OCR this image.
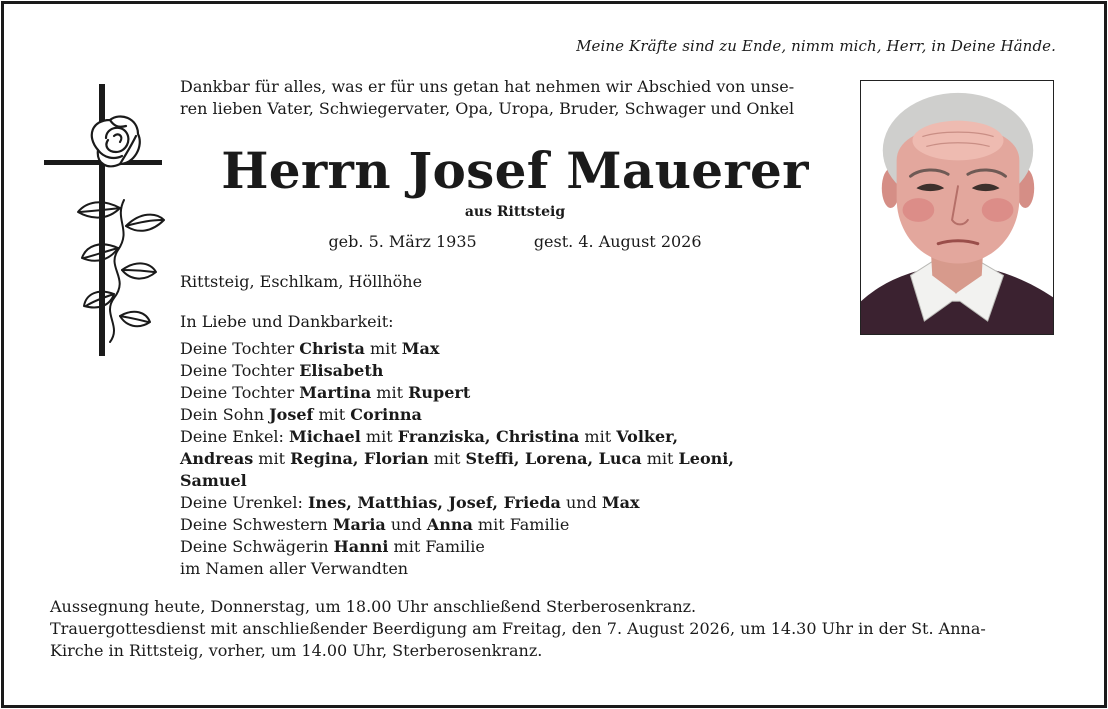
Meine Kräfte sind zu Ende, nimm mich, Herr, in Deine Hände.
Dankbar für alles, was er für uns getan hat nehmen wir Abschied von unse-
ren lieben Vater, Schwiegervater, Opa, Uropa, Bruder, Schwager und Onkel
Herrn Josef Mauerer
aus Rittsteig
geb. 5. März 1935	gest. 4. August 2026
Rittsteig, Eschlkam, Höllhöhe
In Liebe und Dankbarkeit:
Deine Tochter Christa mit Max
Deine Tochter Elisabeth
Deine Tochter Martina mit Rupert
Dein Sohn Josef mit Corinna
Deine Enkel: Michael mit Franziska, Christina mit Volker,
Andreas mit Regina, Florian mit Steffi, Lorena, Luca mit Leoni,
Samuel
Deine Urenkel: Ines, Matthias, Josef, Frieda und Max
Deine Schwestern Maria und Anna mit Familie
Deine Schwägerin Hanni mit Familie
im Namen aller Verwandten
Aussegnung heute, Donnerstag, um 18.00 Uhr anschließend Sterberosenkranz.
Trauergottesdienst mit anschließender Beerdigung am Freitag, den 7. August 2026, um 14.30 Uhr in der St. Anna-
Kirche in Rittsteig, vorher, um 14.00 Uhr, Sterberosenkranz.
